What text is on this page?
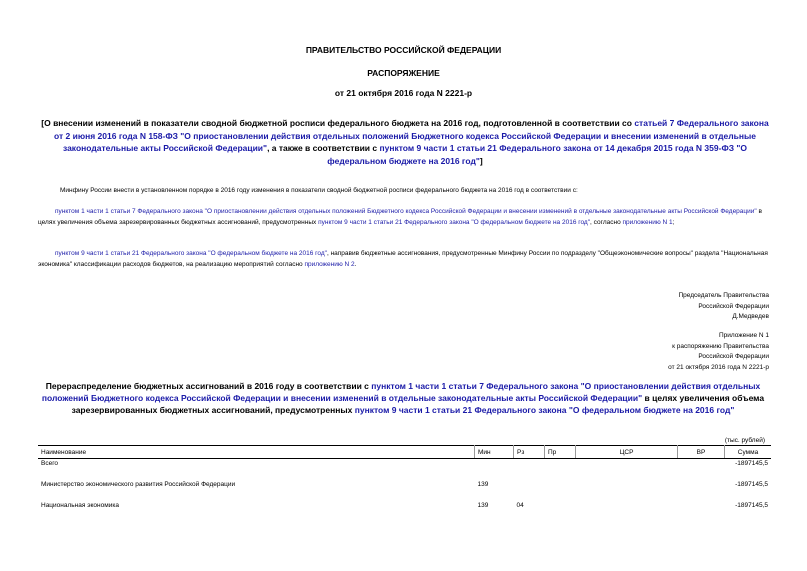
ПРАВИТЕЛЬСТВО РОССИЙСКОЙ ФЕДЕРАЦИИ
РАСПОРЯЖЕНИЕ
от 21 октября 2016 года N 2221-р
[О внесении изменений в показатели сводной бюджетной росписи федерального бюджета на 2016 год, подготовленной в соответствии со статьей 7 Федерального закона от 2 июня 2016 года N 158-ФЗ "О приостановлении действия отдельных положений Бюджетного кодекса Российской Федерации и внесении изменений в отдельные законодательные акты Российской Федерации", а также в соответствии с пунктом 9 части 1 статьи 21 Федерального закона от 14 декабря 2015 года N 359-ФЗ "О федеральном бюджете на 2016 год"]
Минфину России внести в установленном порядке в 2016 году изменения в показатели сводной бюджетной росписи федерального бюджета на 2016 год в соответствии с:
пунктом 1 части 1 статьи 7 Федерального закона "О приостановлении действия отдельных положений Бюджетного кодекса Российской Федерации и внесении изменений в отдельные законодательные акты Российской Федерации" в целях увеличения объема зарезервированных бюджетных ассигнований, предусмотренных пунктом 9 части 1 статьи 21 Федерального закона "О федеральном бюджете на 2016 год", согласно приложению N 1;
пунктом 9 части 1 статьи 21 Федерального закона "О федеральном бюджете на 2016 год", направив бюджетные ассигнования, предусмотренные Минфину России по подразделу "Общеэкономические вопросы" раздела "Национальная экономика" классификации расходов бюджетов, на реализацию мероприятий согласно приложению N 2.
Председатель Правительства
Российской Федерации
Д.Медведев
Приложение N 1
к распоряжению Правительства
Российской Федерации
от 21 октября 2016 года N 2221-р
Перераспределение бюджетных ассигнований в 2016 году в соответствии с пунктом 1 части 1 статьи 7 Федерального закона "О приостановлении действия отдельных положений Бюджетного кодекса Российской Федерации и внесении изменений в отдельные законодательные акты Российской Федерации" в целях увеличения объема зарезервированных бюджетных ассигнований, предусмотренных пунктом 9 части 1 статьи 21 Федерального закона "О федеральном бюджете на 2016 год"
(тыс. рублей)
Наименование	Мин	Рз	Пр	ЦСР	ВР	Сумма
Всего						-1897145,5
Министерство экономического развития Российской Федерации	139					-1897145,5
Национальная экономика	139	04				-1897145,5
